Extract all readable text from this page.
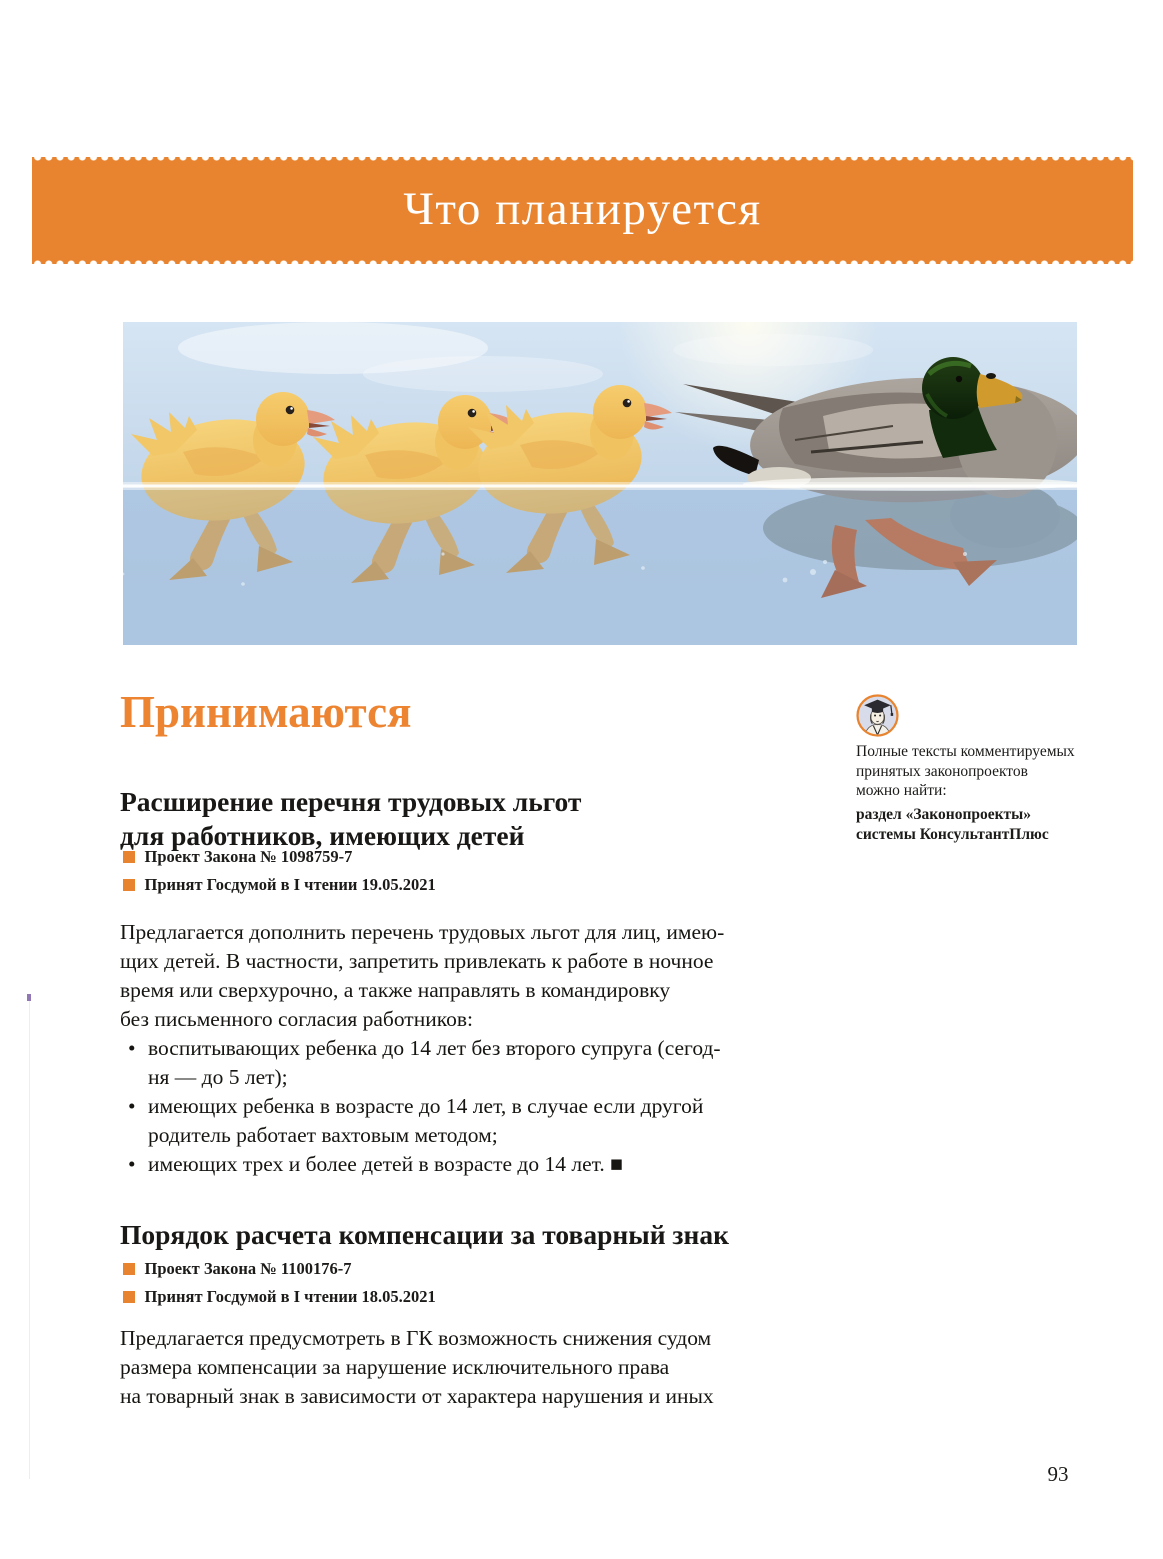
Что планируется
Принимаются
Полные тексты комментируемых
принятых законопроектов
можно найти:
раздел «Законопроекты»
системы КонсультантПлюс
Расширение перечня трудовых льгот
для работников, имеющих детей
Проект Закона № 1098759-7
Принят Госдумой в I чтении 19.05.2021
Предлагается дополнить перечень трудовых льгот для лиц, имею-
щих детей. В частности, запретить привлекать к работе в ночное
время или сверхурочно, а также направлять в командировку
без письменного согласия работников:
• воспитывающих ребенка до 14 лет без второго супруга (сегод-
ня — до 5 лет);
• имеющих ребенка в возрасте до 14 лет, в случае если другой
родитель работает вахтовым методом;
• имеющих трех и более детей в возрасте до 14 лет. ■
Порядок расчета компенсации за товарный знак
Проект Закона № 1100176-7
Принят Госдумой в I чтении 18.05.2021
Предлагается предусмотреть в ГК возможность снижения судом
размера компенсации за нарушение исключительного права
на товарный знак в зависимости от характера нарушения и иных
93
